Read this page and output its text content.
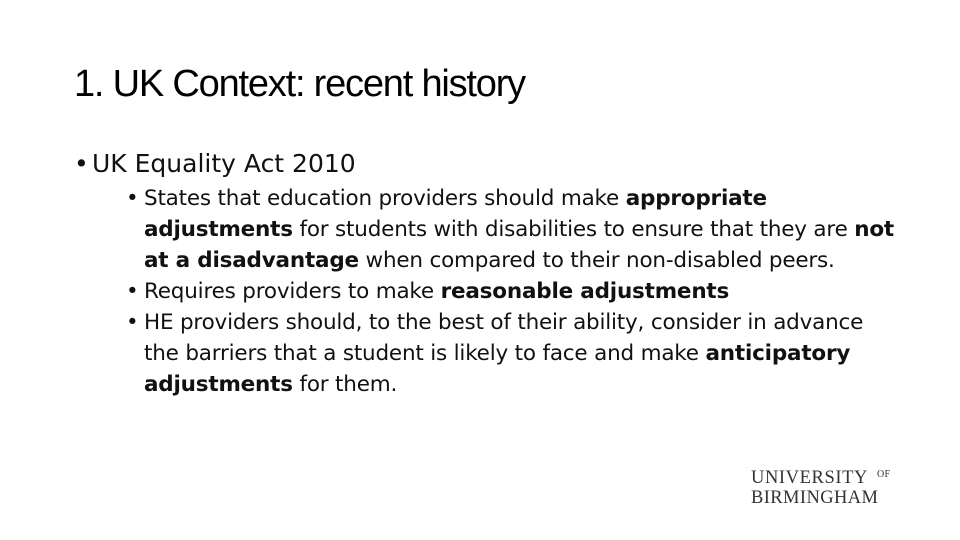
1. UK Context: recent history
• UK Equality Act 2010
• States that education providers should make appropriate adjustments for students with disabilities to ensure that they are not at a disadvantage when compared to their non-disabled peers.
• Requires providers to make reasonable adjustments
• HE providers should, to the best of their ability, consider in advance the barriers that a student is likely to face and make anticipatory adjustments for them.
UNIVERSITY OF
BIRMINGHAM
